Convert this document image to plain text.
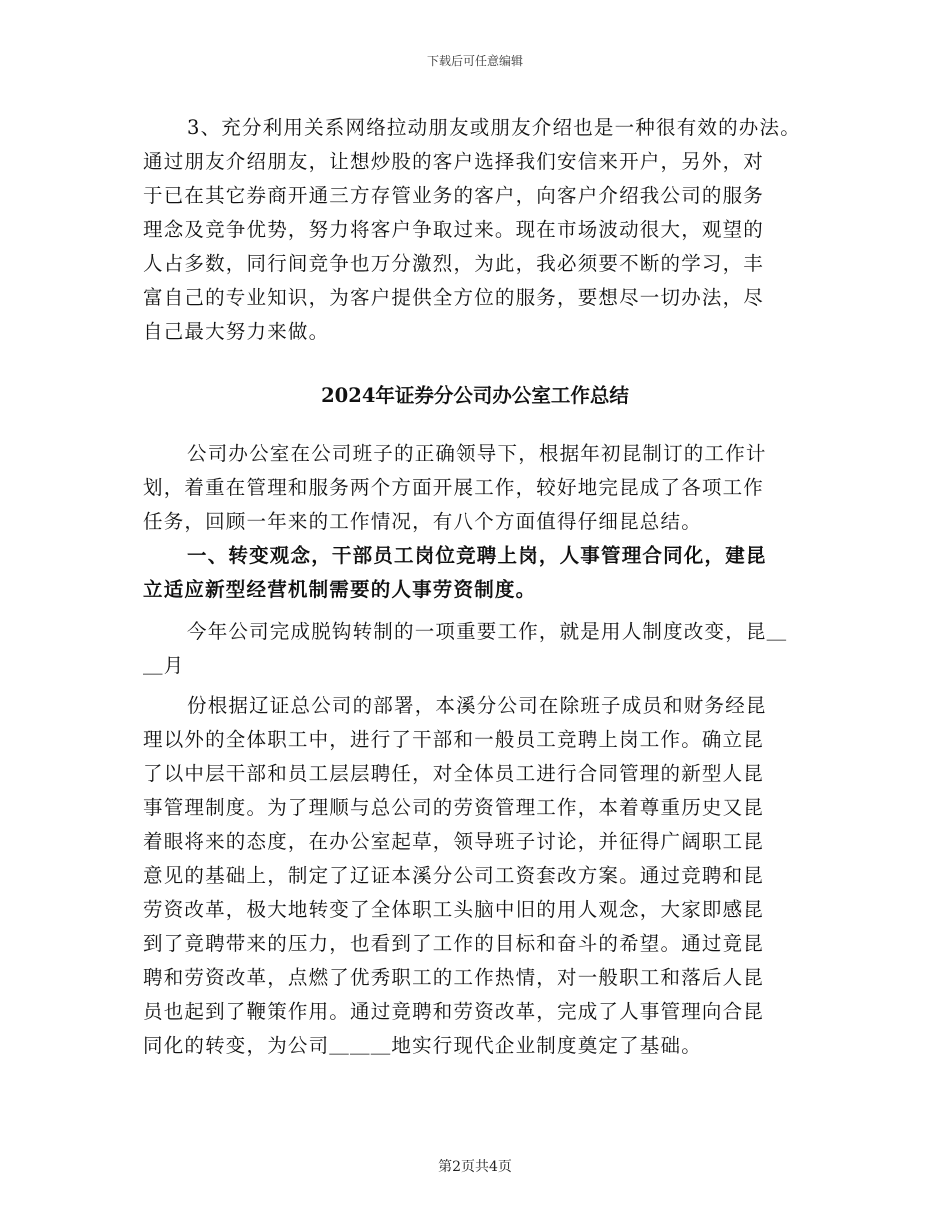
下载后可任意编辑
3、充分利用关系网络拉动朋友或朋友介绍也是一种很有效的办法。
通过朋友介绍朋友，让想炒股的客户选择我们安信来开户，另外，对
于已在其它券商开通三方存管业务的客户，向客户介绍我公司的服务
理念及竞争优势，努力将客户争取过来。现在市场波动很大，观望的
人占多数，同行间竞争也万分激烈，为此，我必须要不断的学习，丰
富自己的专业知识，为客户提供全方位的服务，要想尽一切办法，尽
自己最大努力来做。
2024年证券分公司办公室工作总结
公司办公室在公司班子的正确领导下，根据年初昆制订的工作计
划，着重在管理和服务两个方面开展工作，较好地完昆成了各项工作
任务，回顾一年来的工作情况，有八个方面值得仔细昆总结。
一、转变观念，干部员工岗位竞聘上岗，人事管理合同化，建昆
立适应新型经营机制需要的人事劳资制度。
今年公司完成脱钩转制的一项重要工作，就是用人制度改变，昆＿
＿月
份根据辽证总公司的部署，本溪分公司在除班子成员和财务经昆
理以外的全体职工中，进行了干部和一般员工竞聘上岗工作。确立昆
了以中层干部和员工层层聘任，对全体员工进行合同管理的新型人昆
事管理制度。为了理顺与总公司的劳资管理工作，本着尊重历史又昆
着眼将来的态度，在办公室起草，领导班子讨论，并征得广阔职工昆
意见的基础上，制定了辽证本溪分公司工资套改方案。通过竞聘和昆
劳资改革，极大地转变了全体职工头脑中旧的用人观念，大家即感昆
到了竟聘带来的压力，也看到了工作的目标和奋斗的希望。通过竟昆
聘和劳资改革，点燃了优秀职工的工作热情，对一般职工和落后人昆
员也起到了鞭策作用。通过竟聘和劳资改革，完成了人事管理向合昆
同化的转变，为公司＿＿＿地实行现代企业制度奠定了基础。
第2页共4页
